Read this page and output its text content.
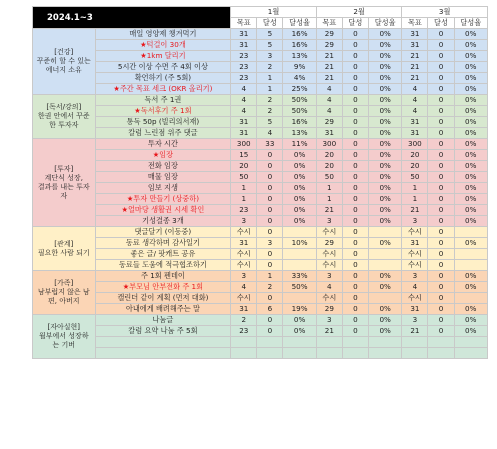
2024.1~3		1월			2월			3월		
		목표	달성	달성율	목표	달성	달성율	목표	달성	달성율
[건강]
꾸준히 할 수 있는
에너지 소유	매일 영양제 챙겨먹기	31	5	16%	29	0	0%	31	0	0%
	★턱걸이 30개	31	5	16%	29	0	0%	31	0	0%
	★1km 달리기	23	3	13%	21	0	0%	21	0	0%
	5시간 이상 수면 주 4회 이상	23	2	9%	21	0	0%	21	0	0%
	확언하기 (주 5회)	23	1	4%	21	0	0%	21	0	0%
	★주간 목표 세크 (OKR 올리기)	4	1	25%	4	0	0%	4	0	0%
[독서/강의]
한권 안에서 꾸준
한 투자자	독서 주 1권	4	2	50%	4	0	0%	4	0	0%
	★독서후기 주 1회	4	2	50%	4	0	0%	4	0	0%
	통독 50p (빌리의서재)	31	5	16%	29	0	0%	31	0	0%
	칼럼 느린점 위주 댓글	31	4	13%	31	0	0%	31	0	0%
[투자]
계단식 성장,
결과를 내는 투자
자	투자 시간	300	33	11%	300	0	0%	300	0	0%
	★임장	15	0	0%	20	0	0%	20	0	0%
	전화 임장	20	0	0%	20	0	0%	20	0	0%
	매물 임장	50	0	0%	50	0	0%	50	0	0%
	임보 지생	1	0	0%	1	0	0%	1	0	0%
	★투자 만들기 (상중하)	1	0	0%	1	0	0%	1	0	0%
	★얼마당 생활권 시세 확인	23	0	0%	21	0	0%	21	0	0%
	기성결종 3개	3	0	0%	3	0	0%	3	0	0%
[관계]
필요한 사람 되기	댓글달기 (이동중)	수시	0		수시	0		수시	0	
	동료 생각하며 감사일기	31	3	10%	29	0	0%	31	0	0%
	좋은 글/ 팟캐트 공유	수시	0		수시	0		수시	0	
	동료들 도움에 적극협조하기	수시	0		수시	0		수시	0	
[가족]
남부럽지 않은 남
편, 아버지	주 1회 펜데이	3	1	33%	3	0	0%	3	0	0%
	★부모님 안부전화 주 1회	4	2	50%	4	0	0%	4	0	0%
	캘린더 같이 계획 (먼저 대화)	수시	0		수시	0		수시	0	
	아내에게 배려해주는 말	31	6	19%	29	0	0%	31	0	0%
[자아실현]
월부에서 성장하
는 기버	나눔글	2	0	0%	3	0	0%	3	0	0%
	칼럼 요약 나눔 주 5회	23	0	0%	21	0	0%	21	0	0%
